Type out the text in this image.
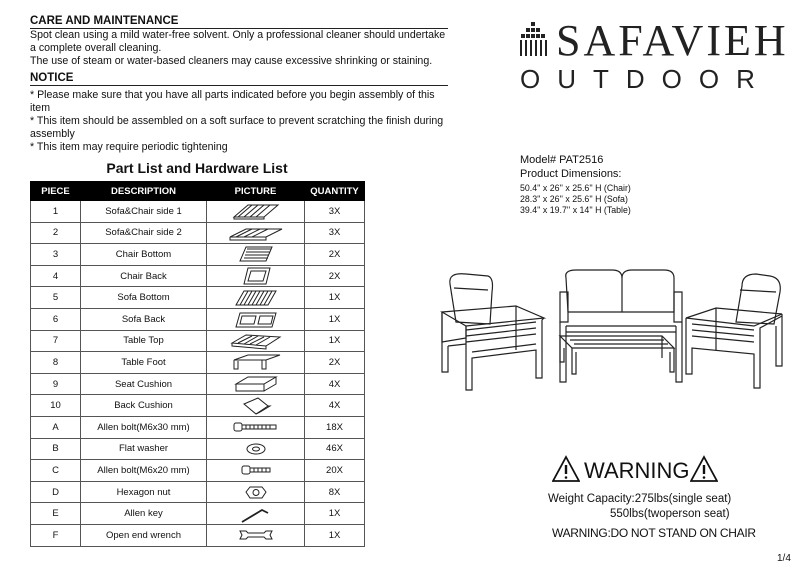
CARE AND MAINTENANCE
Spot clean using a mild water-free solvent. Only a professional cleaner should undertake
a complete overall cleaning.
The use of steam or water-based cleaners may cause excessive shrinking or staining.
NOTICE
* Please make sure that you have all parts indicated before you begin assembly of this
item
* This item should be assembled on a soft surface to prevent scratching the finish during
assembly
* This item may require periodic tightening
Part List and Hardware List
PIECE	DESCRIPTION	PICTURE	QUANTITY
1	Sofa&Chair side 1		3X
2	Sofa&Chair side 2		3X
3	Chair Bottom		2X
4	Chair Back		2X
5	Sofa Bottom		1X
6	Sofa Back		1X
7	Table Top		1X
8	Table Foot		2X
9	Seat Cushion		4X
10	Back Cushion		4X
A	Allen bolt(M6x30 mm)		18X
B	Flat washer		46X
C	Allen bolt(M6x20 mm)		20X
D	Hexagon nut		8X
E	Allen key		1X
F	Open end wrench		1X
SAFAVIEH
OUTDOOR
Model# PAT2516
Product Dimensions:
50.4'' x 26'' x 25.6'' H (Chair)
28.3'' x 26'' x 25.6'' H (Sofa)
39.4'' x 19.7'' x 14'' H (Table)
WARNING
Weight Capacity:275lbs(single seat)
550lbs(twoperson seat)
WARNING:DO NOT STAND ON CHAIR
1/4
